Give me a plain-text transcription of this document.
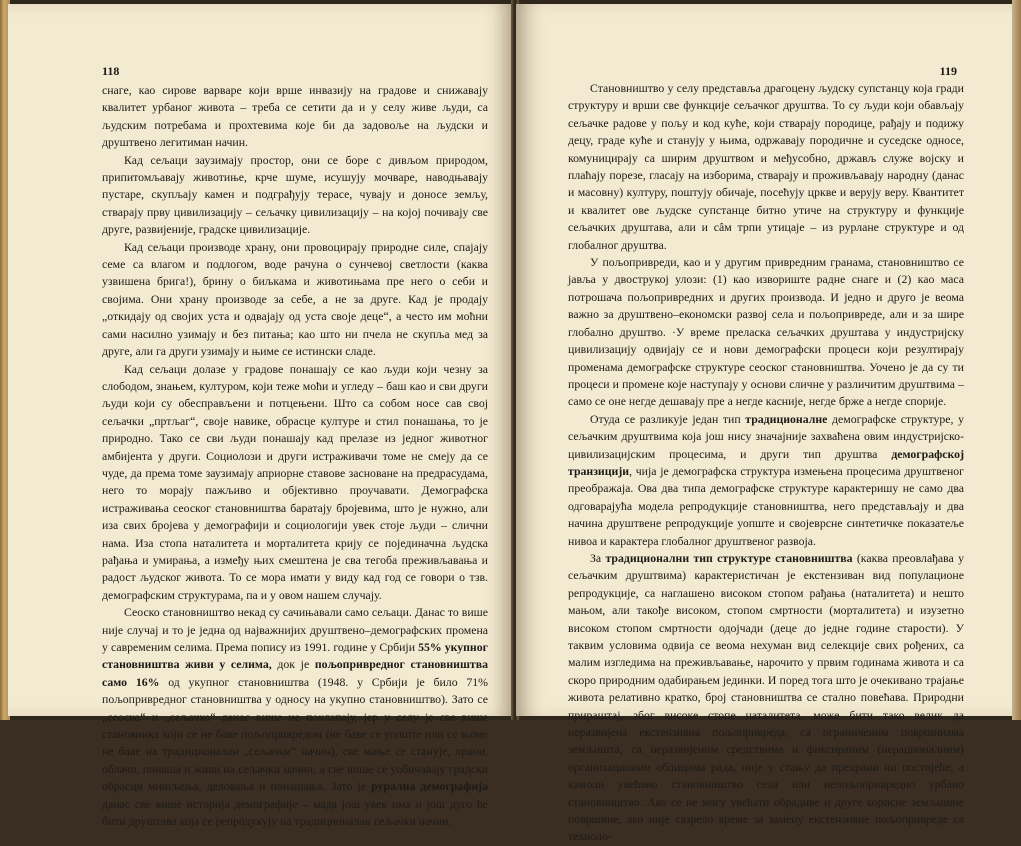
118

снаге, као сирове варваре који врше инвазију на градове и снижавају квалитет урбаног живота – треба се сетити да и у селу живе људи, са људским потребама и прохтевима које би да задовоље на људски и друштвено легитиман начин.

Кад сељаци заузимају простор, они се боре с дивљом природом, припитомљавају животиње, крче шуме, исушују мочваре, наводњавају пустаре, скупљају камен и подграђују терасе, чувају и доносе земљу, стварају прву цивилизацију – сељачку цивилизацију – на којој почивају све друге, развијеније, градске цивилизације.

Кад сељаци производе храну, они провоцирају природне силе, спајају семе са влагом и подлогом, воде рачуна о сунчевој светлости (каква узвишена брига!), брину о биљкама и животињама пре него о себи и својима. Они храну производе за себе, а не за друге. Кад је продају „откидају од својих уста и одвајају од уста своје деце“, а често им моћни сами насилно узимају и без питања; као што ни пчела не скупља мед за друге, али га други узимају и њиме се истински сладе.

Кад сељаци долазе у градове понашају се као људи који чезну за слободом, знањем, културом, који теже моћи и угледу – баш као и сви други људи који су обесправљени и потцењени. Што са собом носе сав свој сељачки „пртљаг“, своје навике, обрасце културе и стил понашања, то је природно. Тако се сви људи понашају кад прелазе из једног животног амбијента у други. Социолози и други истраживачи томе не смеју да се чуде, да према томе заузимају априорне ставове засноване на предрасудама, него то морају пажљиво и објективно проучавати. Демографска истраживања сеоског становништва баратају бројевима, што је нужно, али иза свих бројева у демографији и социологији увек стоје људи – слични нама. Иза стопа наталитета и морталитета крију се појединачна људска рађања и умирања, а између њих смештена је сва тегоба преживљавања и радост људског живота. То се мора имати у виду кад год се говори о тзв. демографским структурама, па и у овом нашем случају.

Сеоско становништво некад су сачињавали само сељаци. Данас то више није случај и то је једна од најважнијих друштвено–демографских промена у савременим селима. Према попису из 1991. године у Србији 55% укупног становништва живи у селима, док је пољопривредног становништва само 16% од укупног становништва (1948. у Србији је било 71% пољопривредног становништва у односу на укупно становништво). Зато се „сеоско“ и „сељачко“ данас више не поклапају, јер у селу је све више становника који се не баве пољопривредом (не баве се уопште или се њоме не баве на традиционалан „сељачки“ начин), све мање се станује, храни, облачи, понаша и живи на сељачки начин, а све више се уобичавају градски обрасци мишљења, деловања и понашања. Зато је рурална демографија данас све више историја демографије – мада још увек има и још дуго ће бити друштава која се репродукују на традиционалан сељачки начин.

119

Становништво у селу представља драгоцену људску супстанцу која гради структуру и врши све функције сељачког друштва. То су људи који обављају сељачке радове у пољу и код куће, који стварају породице, рађају и подижу децу, граде куће и станују у њима, одржавају породичне и суседске односе, комуницирају са ширим друштвом и међусобно, држављ служе војску и плаћају порезе, гласају на изборима, стварају и проживљавају народну (данас и масовну) културу, поштују обичаје, посећују цркве и верују веру. Квантитет и квалитет ове људске супстанце битно утиче на структуру и функције сељачких друштава, али и сâм трпи утицаје – из рурлане структуре и од глобалног друштва.

У пољопривреди, као и у другим привредним гранама, становништво се јавља у двострукој улози: (1) као извориште радне снаге и (2) као маса потрошача пољопривредних и других производа. И једно и друго је веома важно за друштвено–економски развој села и пољопривреде, али и за шире глобално друштво. ·У време преласка сељачких друштава у индустријску цивилизацију одвијају се и нови демографски процеси који резултирају променама демографске структуре сеоског становништва. Уочено је да су ти процеси и промене које наступају у основи сличне у различитим друштвима – само се оне негде дешавају пре а негде касније, негде брже а негде спорије.

Отуда се разликује један тип традиционалне демографске структуре, у сељачким друштвима која још нису значајније захваћена овим индустријско-цивилизацијским процесима, и други тип друштва демографској транзицији, чија је демографска структура измењена процесима друштвеног преображаја. Ова два типа демографске структуре карактеришу не само два одговарајућа модела репродукције становништва, него представљају и два начина друштвене репродукције уопште и својеврсне синтетичке показатеље нивоа и карактера глобалног друштвеног развоја.

За традиционални тип структуре становништва (каква преовлађава у сељачким друштвима) карактеристичан је екстензиван вид популационе репродукције, са наглашено високом стопом рађања (наталитета) и нешто мањом, али такође високом, стопом смртности (морталитета) и изузетно високом стопом смртности одојчади (деце до једне године старости). У таквим условима одвија се веома нехуман вид селекције свих рођених, са малим изгледима на преживљавање, нарочито у првим годинама живота и са скоро природним одабирањем јединки. И поред тога што је очекивано трајање живота релативно кратко, број становништва се стално повећава. Природни прираштај, због високе стопе наталитета, може бити тако велик да неразвијена екстензивна пољопривреда, са ограниченим површинама земљишта, са неразвијеним средствима и фиксираним (нерационалним) организационим облицима рада, није у стању да прехрани ни постојеће, а камоли увећано становништво села или непољопривредно урбано становништво. Ако се не могу увећати обрадиве и друге корисне земљишне површине, ако није сазрело време за замену екстензивне пољопривреде са техноло-
